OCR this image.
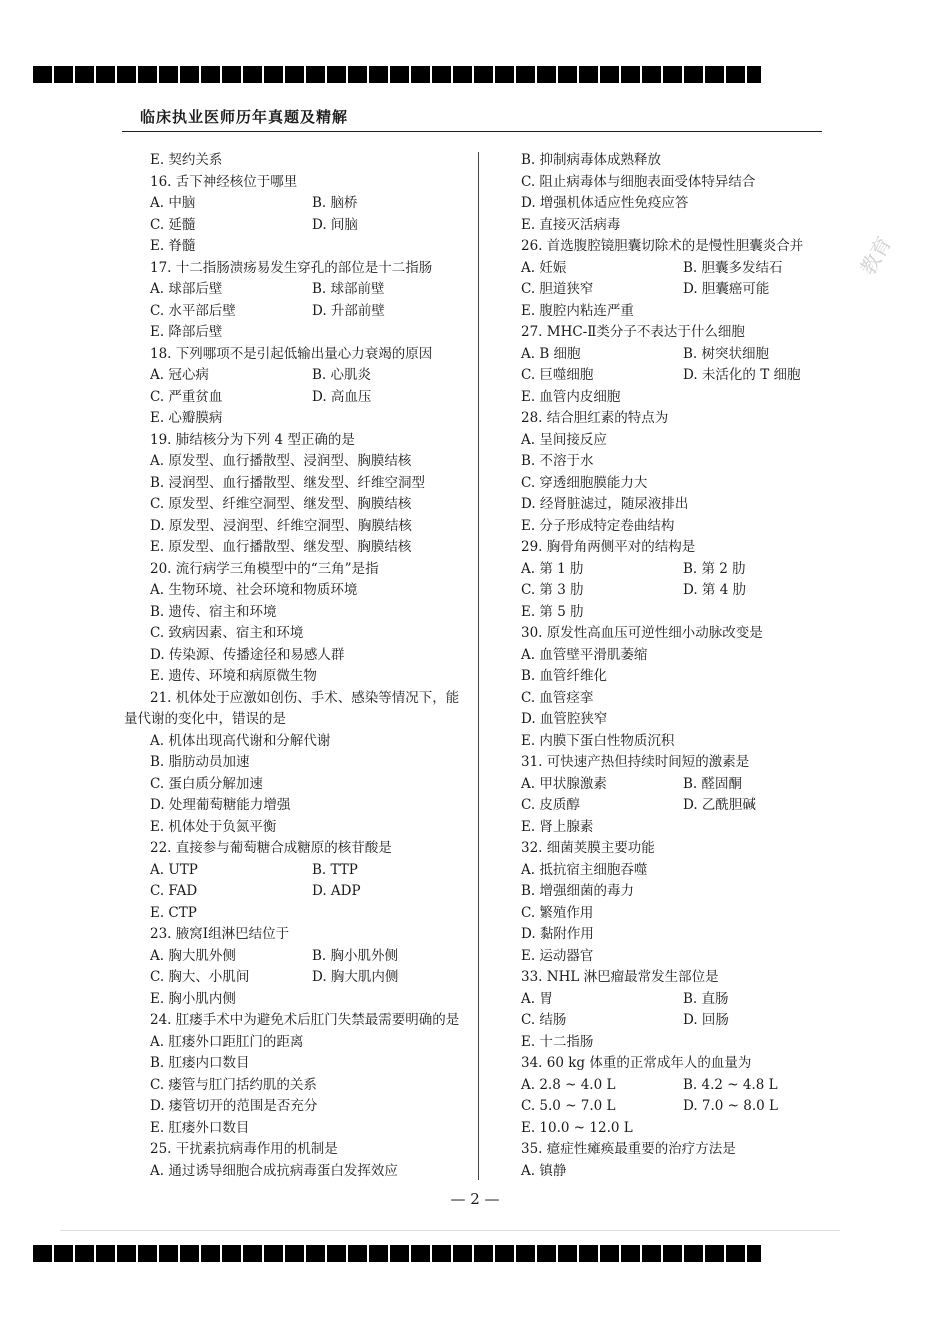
临床执业医师历年真题及精解
教育
E. 契约关系
16. 舌下神经核位于哪里
A. 中脑	B. 脑桥
C. 延髓	D. 间脑
E. 脊髓
17. 十二指肠溃疡易发生穿孔的部位是十二指肠
A. 球部后壁	B. 球部前壁
C. 水平部后壁	D. 升部前壁
E. 降部后壁
18. 下列哪项不是引起低输出量心力衰竭的原因
A. 冠心病	B. 心肌炎
C. 严重贫血	D. 高血压
E. 心瓣膜病
19. 肺结核分为下列 4 型正确的是
A. 原发型、血行播散型、浸润型、胸膜结核
B. 浸润型、血行播散型、继发型、纤维空洞型
C. 原发型、纤维空洞型、继发型、胸膜结核
D. 原发型、浸润型、纤维空洞型、胸膜结核
E. 原发型、血行播散型、继发型、胸膜结核
20. 流行病学三角模型中的“三角”是指
A. 生物环境、社会环境和物质环境
B. 遗传、宿主和环境
C. 致病因素、宿主和环境
D. 传染源、传播途径和易感人群
E. 遗传、环境和病原微生物
21. 机体处于应激如创伤、手术、感染等情况下，能
量代谢的变化中，错误的是
A. 机体出现高代谢和分解代谢
B. 脂肪动员加速
C. 蛋白质分解加速
D. 处理葡萄糖能力增强
E. 机体处于负氮平衡
22. 直接参与葡萄糖合成糖原的核苷酸是
A. UTP	B. TTP
C. FAD	D. ADP
E. CTP
23. 腋窝Ⅰ组淋巴结位于
A. 胸大肌外侧	B. 胸小肌外侧
C. 胸大、小肌间	D. 胸大肌内侧
E. 胸小肌内侧
24. 肛瘘手术中为避免术后肛门失禁最需要明确的是
A. 肛瘘外口距肛门的距离
B. 肛瘘内口数目
C. 瘘管与肛门括约肌的关系
D. 瘘管切开的范围是否充分
E. 肛瘘外口数目
25. 干扰素抗病毒作用的机制是
A. 通过诱导细胞合成抗病毒蛋白发挥效应
B. 抑制病毒体成熟释放
C. 阻止病毒体与细胞表面受体特异结合
D. 增强机体适应性免疫应答
E. 直接灭活病毒
26. 首选腹腔镜胆囊切除术的是慢性胆囊炎合并
A. 妊娠	B. 胆囊多发结石
C. 胆道狭窄	D. 胆囊癌可能
E. 腹腔内粘连严重
27. MHC-Ⅱ类分子不表达于什么细胞
A. B 细胞	B. 树突状细胞
C. 巨噬细胞	D. 未活化的 T 细胞
E. 血管内皮细胞
28. 结合胆红素的特点为
A. 呈间接反应
B. 不溶于水
C. 穿透细胞膜能力大
D. 经肾脏滤过，随尿液排出
E. 分子形成特定卷曲结构
29. 胸骨角两侧平对的结构是
A. 第 1 肋	B. 第 2 肋
C. 第 3 肋	D. 第 4 肋
E. 第 5 肋
30. 原发性高血压可逆性细小动脉改变是
A. 血管壁平滑肌萎缩
B. 血管纤维化
C. 血管痉挛
D. 血管腔狭窄
E. 内膜下蛋白性物质沉积
31. 可快速产热但持续时间短的激素是
A. 甲状腺激素	B. 醛固酮
C. 皮质醇	D. 乙酰胆碱
E. 肾上腺素
32. 细菌荚膜主要功能
A. 抵抗宿主细胞吞噬
B. 增强细菌的毒力
C. 繁殖作用
D. 黏附作用
E. 运动器官
33. NHL 淋巴瘤最常发生部位是
A. 胃	B. 直肠
C. 结肠	D. 回肠
E. 十二指肠
34. 60 kg 体重的正常成年人的血量为
A. 2.8 ~ 4.0 L	B. 4.2 ~ 4.8 L
C. 5.0 ~ 7.0 L	D. 7.0 ~ 8.0 L
E. 10.0 ~ 12.0 L
35. 癔症性瘫痪最重要的治疗方法是
A. 镇静
— 2 —
